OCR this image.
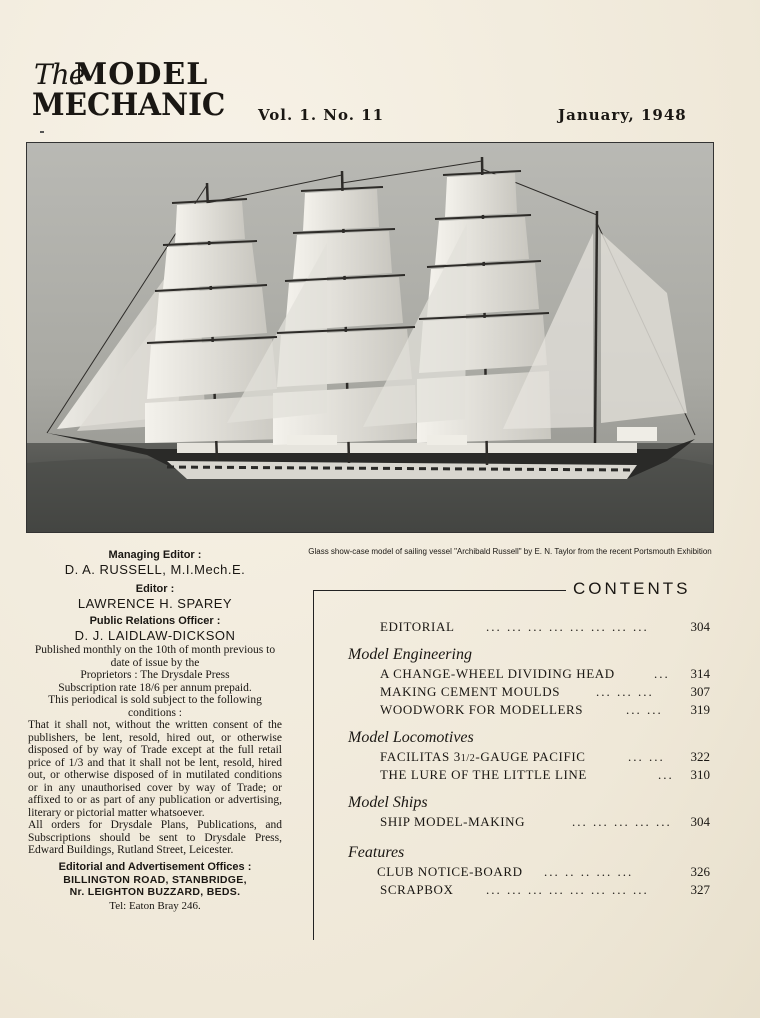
The
MODEL
MECHANIC Vol. 1. No. 11	January, 1948
Glass show-case model of sailing vessel "Archibald Russell" by E. N. Taylor from the recent Portsmouth Exhibition
Managing Editor :
D. A. RUSSELL, M.I.Mech.E.
Editor :
LAWRENCE H. SPAREY
Public Relations Officer :
D. J. LAIDLAW-DICKSON
Published monthly on the 10th of month previous to date of issue by the
Proprietors : The Drysdale Press
Subscription rate 18/6 per annum prepaid.
This periodical is sold subject to the following conditions :
That it shall not, without the written consent of the publishers, be lent, resold, hired out, or otherwise disposed of by way of Trade except at the full retail price of 1/3 and that it shall not be lent, resold, hired out, or otherwise disposed of in mutilated conditions or in any unauthorised cover by way of Trade; or affixed to or as part of any publication or advertising, literary or pictorial matter whatsoever.
All orders for Drysdale Plans, Publications, and Subscriptions should be sent to Drysdale Press, Edward Buildings, Rutland Street, Leicester.
Editorial and Advertisement Offices :
BILLINGTON ROAD, STANBRIDGE,
Nr. LEIGHTON BUZZARD, BEDS.
Tel: Eaton Bray 246.
CONTENTS
EDITORIAL ... ... ... ... ... ... ... ...	304
Model Engineering
A CHANGE-WHEEL DIVIDING HEAD	... 314
MAKING CEMENT MOULDS	... ... ...	307
WOODWORK FOR MODELLERS	... ... 319
Model Locomotives
FACILITAS 31/2-GAUGE PACIFIC	... ... 322
THE LURE OF THE LITTLE LINE	... 310
Model Ships
SHIP MODEL-MAKING	... ... ... ... ... 304
Features
CLUB NOTICE-BOARD ... .. .. ... ...	326
SCRAPBOX	... ... ... ... ... ... ... ...	327
